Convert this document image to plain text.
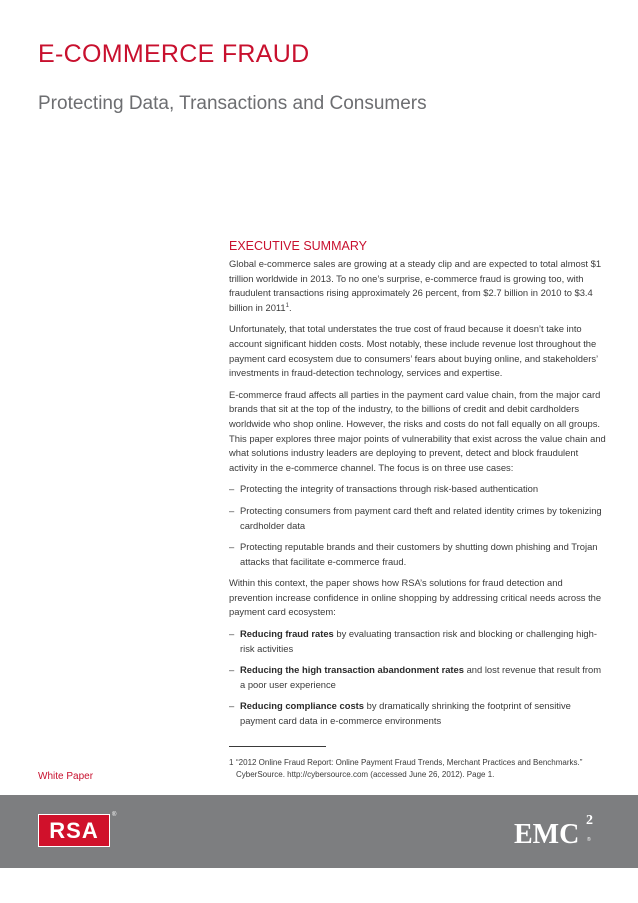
E-COMMERCE FRAUD
Protecting Data, Transactions and Consumers
EXECUTIVE SUMMARY

Global e-commerce sales are growing at a steady clip and are expected to total almost $1 trillion worldwide in 2013. To no one’s surprise, e-commerce fraud is growing too, with fraudulent transactions rising approximately 26 percent, from $2.7 billion in 2010 to $3.4 billion in 2011$^1$.

Unfortunately, that total understates the true cost of fraud because it doesn’t take into account significant hidden costs. Most notably, these include revenue lost throughout the payment card ecosystem due to consumers’ fears about buying online, and stakeholders’ investments in fraud-detection technology, services and expertise.

E-commerce fraud affects all parties in the payment card value chain, from the major card brands that sit at the top of the industry, to the billions of credit and debit cardholders worldwide who shop online. However, the risks and costs do not fall equally on all groups. This paper explores three major points of vulnerability that exist across the value chain and what solutions industry leaders are deploying to prevent, detect and block fraudulent activity in the e-commerce channel. The focus is on three use cases:

– Protecting the integrity of transactions through risk-based authentication
– Protecting consumers from payment card theft and related identity crimes by tokenizing cardholder data
– Protecting reputable brands and their customers by shutting down phishing and Trojan attacks that facilitate e-commerce fraud.

Within this context, the paper shows how RSA’s solutions for fraud detection and prevention increase confidence in online shopping by addressing critical needs across the payment card ecosystem:

– Reducing fraud rates by evaluating transaction risk and blocking or challenging high-risk activities
– Reducing the high transaction abandonment rates and lost revenue that result from a poor user experience
– Reducing compliance costs by dramatically shrinking the footprint of sensitive payment card data in e-commerce environments
1 “2012 Online Fraud Report: Online Payment Fraud Trends, Merchant Practices and Benchmarks.”
CyberSource. http://cybersource.com (accessed June 26, 2012). Page 1.
White Paper
RSA
®
EMC 2
®
